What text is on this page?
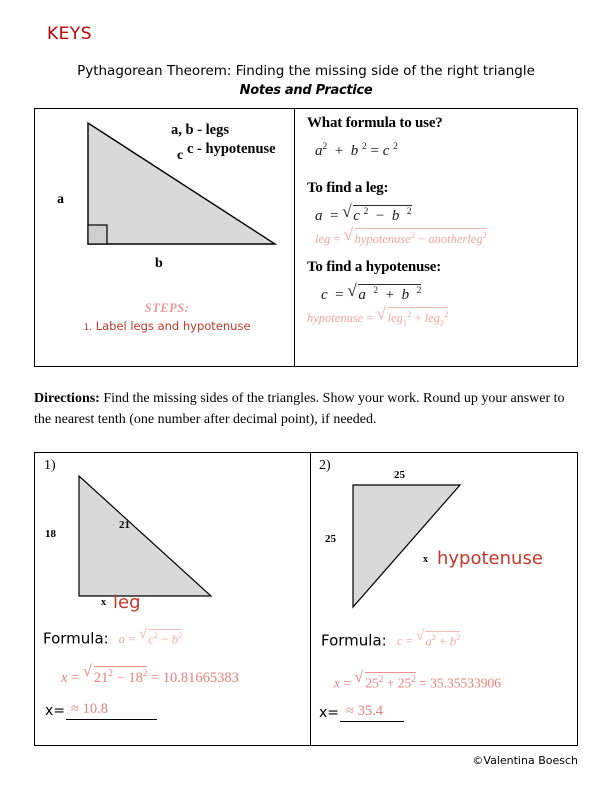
KEYS
Pythagorean Theorem: Finding the missing side of the right triangle Notes and Practice
a
b
c
a, b - legs
c - hypotenuse
STEPS:
1. Label legs and hypotenuse
What formula to use?
$a^2 + b$ $^2$ = c $^2$
To find a leg:
a  = √ c $^2$ −  b  $^2$
leg = √ hypotenuse$^2$ − anotherleg$^2$
To find a hypotenuse:
c  = √ a  $^2$ +  b  $^2$
hypotenuse = √ leg$_1^2$ + leg$_2^2$
Directions: Find the missing sides of the triangles. Show your work. Round up your answer to the nearest tenth (one number after decimal point), if needed.
1)
18
21
x leg
Formula: a = √ $c^2 - b^2$
x = √ $21^2 - 18^2 = 10.81665383$
x= ≈ 10.8
2)
25
25
x hypotenuse
Formula: c = √ $a^2 + b^2$
x = √ $25^2 + 25^2 = 35.35533906$
x= ≈ 35.4
©Valentina Boesch
